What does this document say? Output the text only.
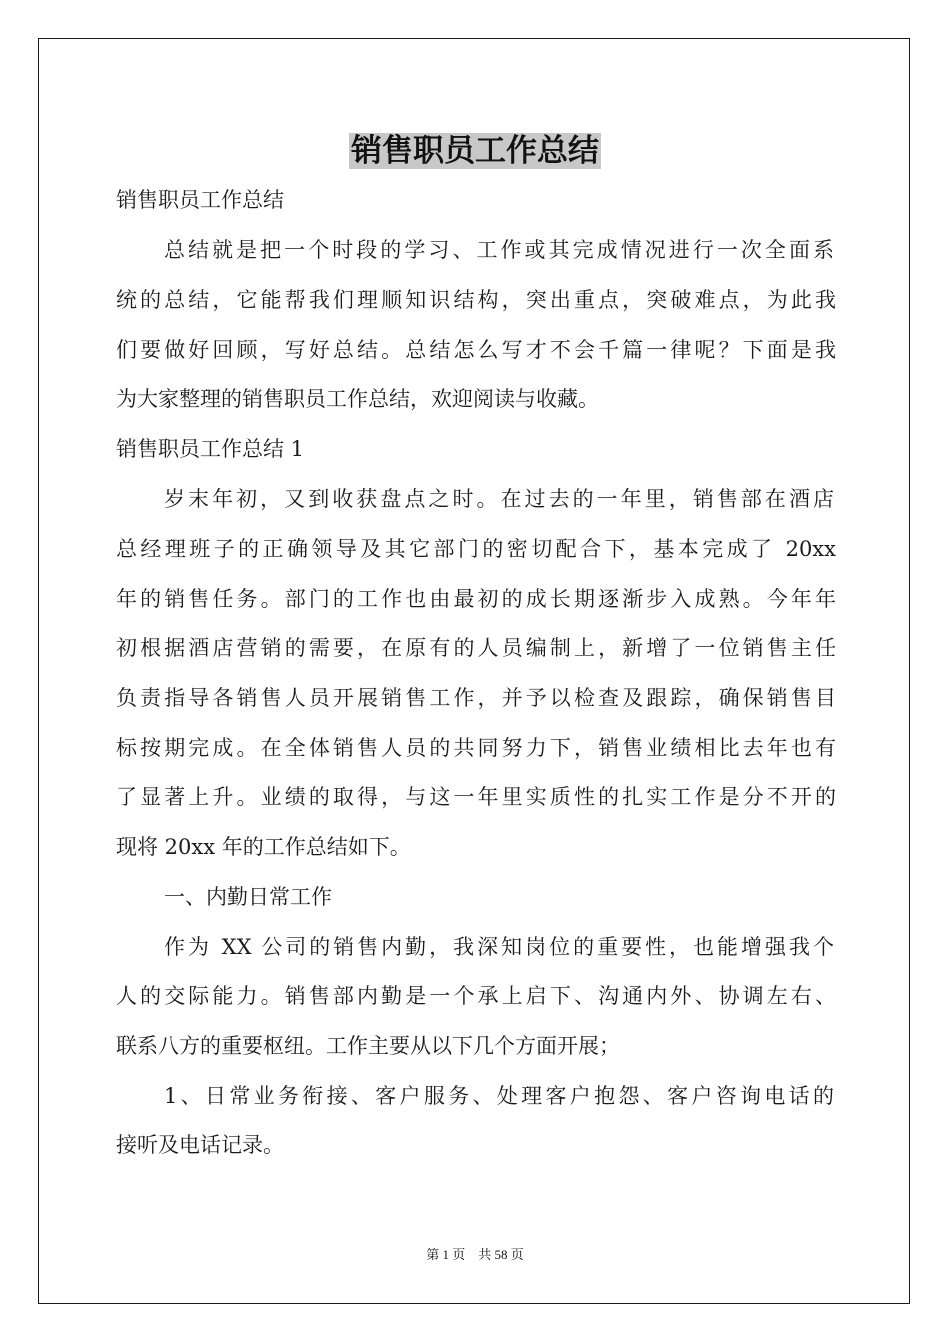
销售职员工作总结
销售职员工作总结
总结就是把一个时段的学习、工作或其完成情况进行一次全面系
统的总结，它能帮我们理顺知识结构，突出重点，突破难点，为此我
们要做好回顾，写好总结。总结怎么写才不会千篇一律呢？下面是我
为大家整理的销售职员工作总结，欢迎阅读与收藏。
销售职员工作总结 1
岁末年初，又到收获盘点之时。在过去的一年里，销售部在酒店
总经理班子的正确领导及其它部门的密切配合下，基本完成了 20xx
年的销售任务。部门的工作也由最初的成长期逐渐步入成熟。今年年
初根据酒店营销的需要，在原有的人员编制上，新增了一位销售主任
负责指导各销售人员开展销售工作，并予以检查及跟踪，确保销售目
标按期完成。在全体销售人员的共同努力下，销售业绩相比去年也有
了显著上升。业绩的取得，与这一年里实质性的扎实工作是分不开的
现将 20xx 年的工作总结如下。
一、内勤日常工作
作为 XX 公司的销售内勤，我深知岗位的重要性，也能增强我个
人的交际能力。销售部内勤是一个承上启下、沟通内外、协调左右、
联系八方的重要枢纽。工作主要从以下几个方面开展；
1、日常业务衔接、客户服务、处理客户抱怨、客户咨询电话的
接听及电话记录。
第 1 页    共 58 页
